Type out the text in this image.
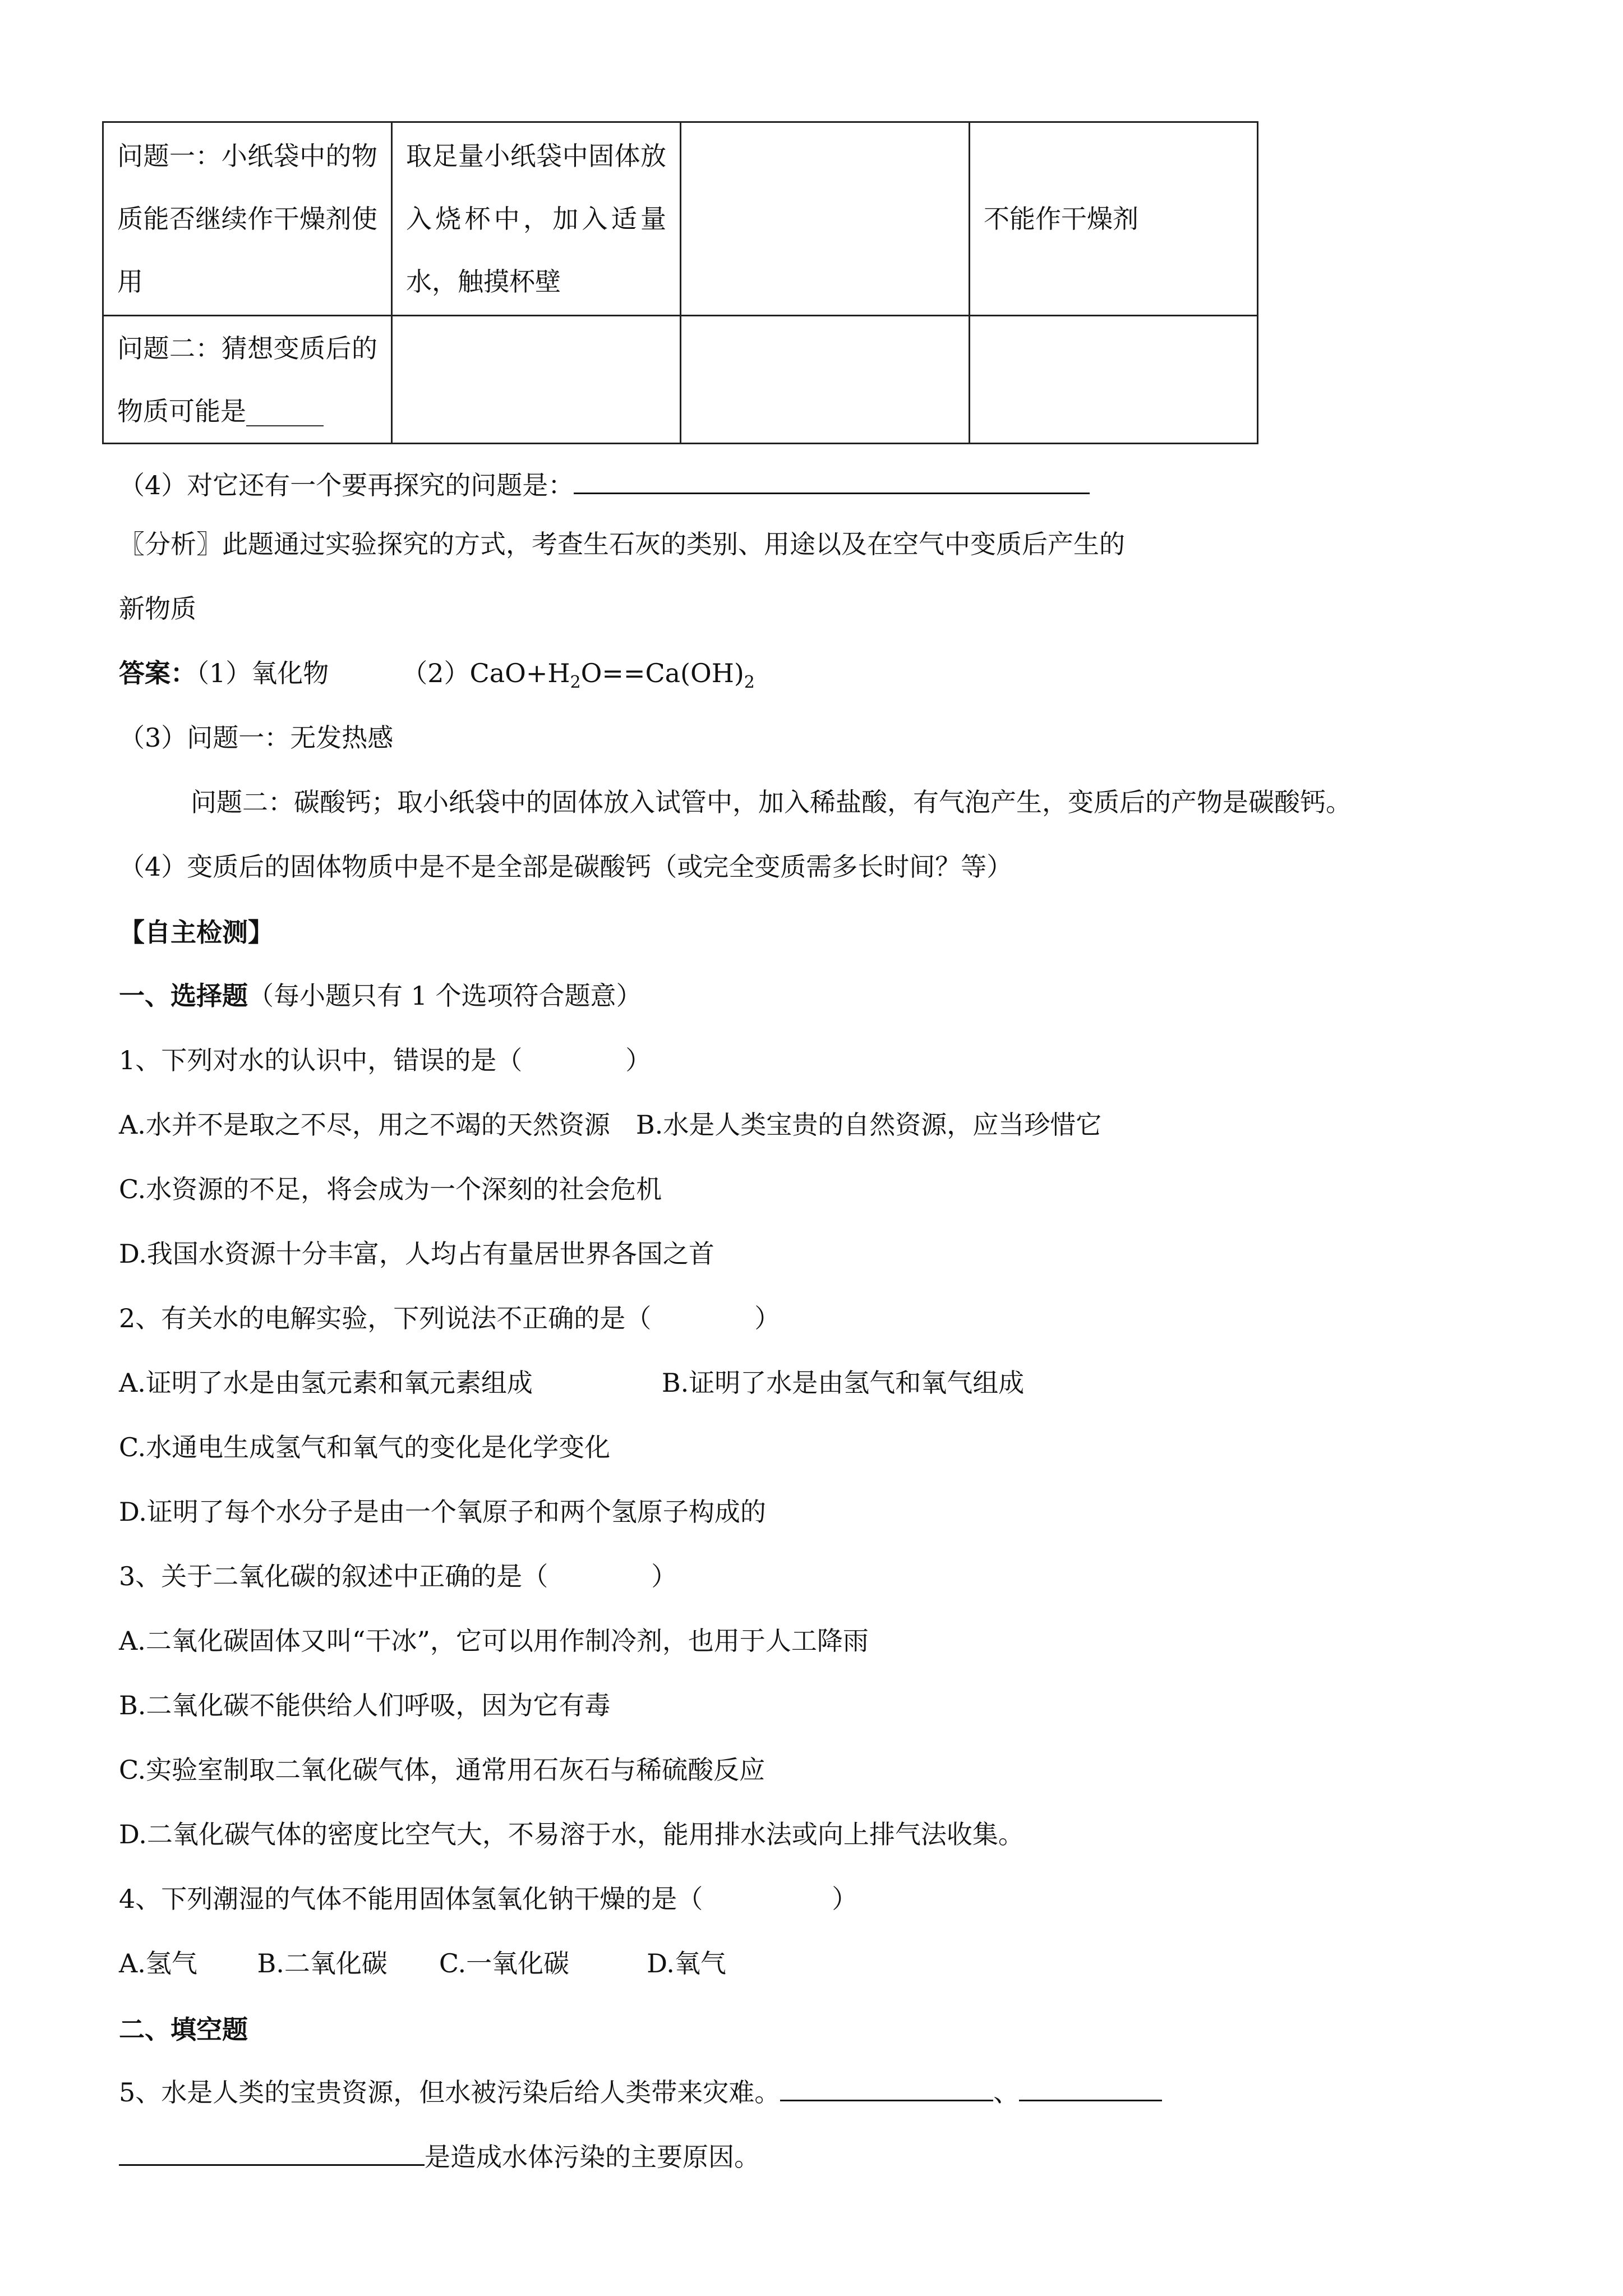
问题一：小纸袋中的物质能否继续作干燥剂使用	取足量小纸袋中固体放入烧杯中，加入适量水，触摸杯壁		不能作干燥剂

问题二：猜想变质后的物质可能是______			

（4）对它还有一个要再探究的问题是：
〖分析〗此题通过实验探究的方式，考查生石灰的类别、用途以及在空气中变质后产生的
新物质
答案：（1）氧化物	$(2)CaO+H_2O==Ca(OH)_2$
（3）问题一：无发热感
问题二：碳酸钙；取小纸袋中的固体放入试管中，加入稀盐酸，有气泡产生，变质后的产物是碳酸钙。
（4）变质后的固体物质中是不是全部是碳酸钙（或完全变质需多长时间？等）
【自主检测】
一、选择题（每小题只有 1 个选项符合题意）
1、下列对水的认识中，错误的是（　　　　）
A.水并不是取之不尽，用之不竭的天然资源　B.水是人类宝贵的自然资源，应当珍惜它
C.水资源的不足，将会成为一个深刻的社会危机
D.我国水资源十分丰富，人均占有量居世界各国之首
2、有关水的电解实验，下列说法不正确的是（　　　　）
A.证明了水是由氢元素和氧元素组成　　　　　B.证明了水是由氢气和氧气组成
C.水通电生成氢气和氧气的变化是化学变化
D.证明了每个水分子是由一个氧原子和两个氢原子构成的
3、关于二氧化碳的叙述中正确的是（　　　　）
A.二氧化碳固体又叫“干冰”，它可以用作制冷剂，也用于人工降雨
B.二氧化碳不能供给人们呼吸，因为它有毒
C.实验室制取二氧化碳气体，通常用石灰石与稀硫酸反应
D.二氧化碳气体的密度比空气大，不易溶于水，能用排水法或向上排气法收集。
4、下列潮湿的气体不能用固体氢氧化钠干燥的是（　　　　　）
A.氢气　　 B.二氧化碳　　C.一氧化碳　　　D.氧气
二、填空题
5、水是人类的宝贵资源，但水被污染后给人类带来灾难。	、
是造成水体污染的主要原因。
